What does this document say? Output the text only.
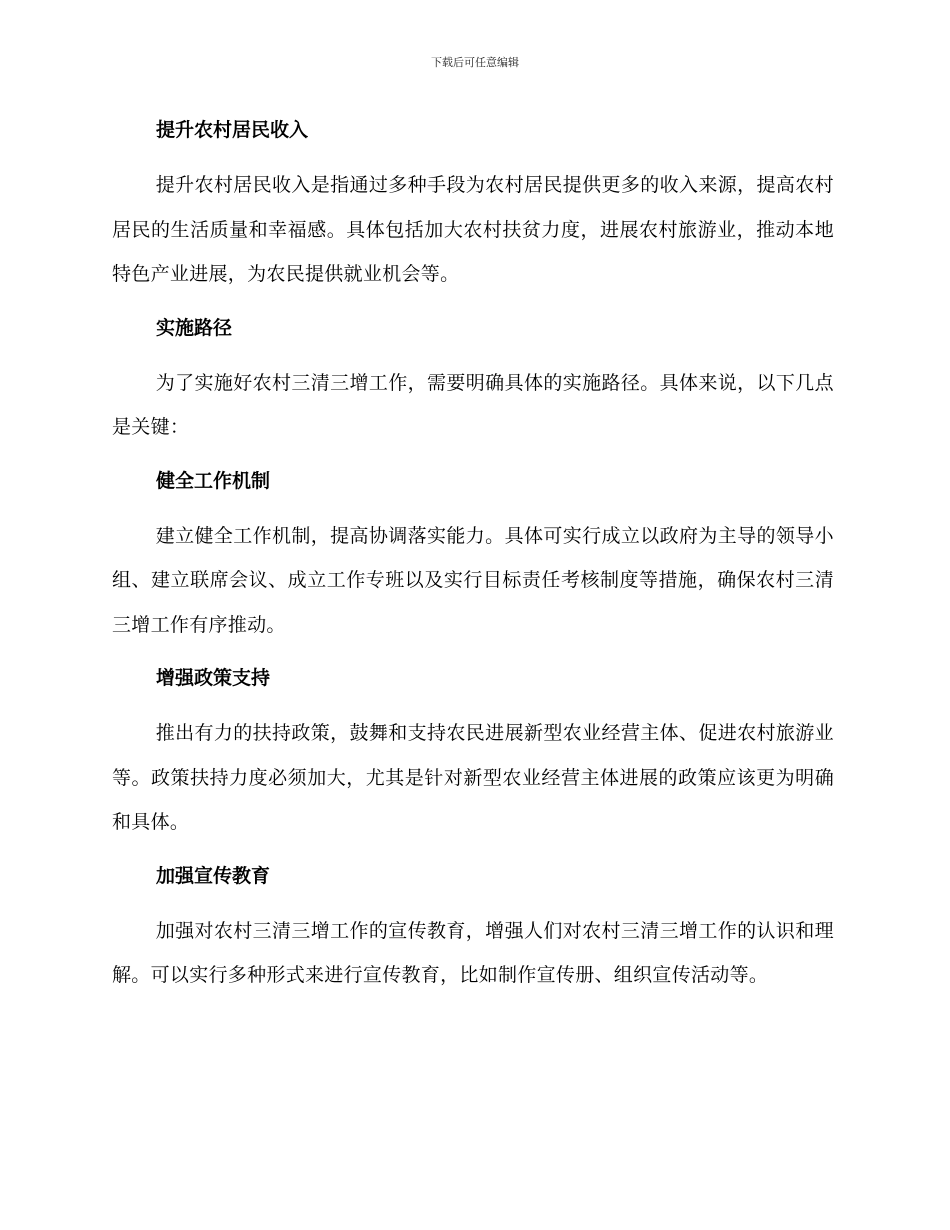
下载后可任意编辑
提升农村居民收入

提升农村居民收入是指通过多种手段为农村居民提供更多的收入来源，提高农村居民的生活质量和幸福感。具体包括加大农村扶贫力度，进展农村旅游业，推动本地特色产业进展，为农民提供就业机会等。

实施路径

为了实施好农村三清三增工作，需要明确具体的实施路径。具体来说，以下几点是关键：

健全工作机制

建立健全工作机制，提高协调落实能力。具体可实行成立以政府为主导的领导小组、建立联席会议、成立工作专班以及实行目标责任考核制度等措施，确保农村三清三增工作有序推动。

增强政策支持

推出有力的扶持政策，鼓舞和支持农民进展新型农业经营主体、促进农村旅游业等。政策扶持力度必须加大，尤其是针对新型农业经营主体进展的政策应该更为明确和具体。

加强宣传教育

加强对农村三清三增工作的宣传教育，增强人们对农村三清三增工作的认识和理解。可以实行多种形式来进行宣传教育，比如制作宣传册、组织宣传活动等。
